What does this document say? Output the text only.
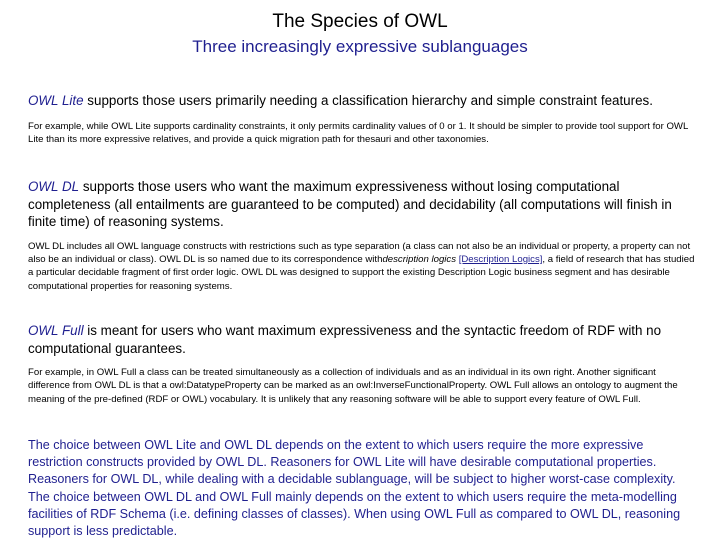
The Species of OWL
Three increasingly expressive sublanguages

OWL Lite supports those users primarily needing a classification hierarchy and simple constraint features.

For example, while OWL Lite supports cardinality constraints, it only permits cardinality values of 0 or 1. It should be simpler to provide tool support for OWL Lite than its more expressive relatives, and provide a quick migration path for thesauri and other taxonomies.

OWL DL supports those users who want the maximum expressiveness without losing computational completeness (all entailments are guaranteed to be computed) and decidability (all computations will finish in finite time) of reasoning systems.

OWL DL includes all OWL language constructs with restrictions such as type separation (a class can not also be an individual or property, a property can not also be an individual or class). OWL DL is so named due to its correspondence withdescription logics [Description Logics], a field of research that has studied a particular decidable fragment of first order logic. OWL DL was designed to support the existing Description Logic business segment and has desirable computational properties for reasoning systems.

OWL Full is meant for users who want maximum expressiveness and the syntactic freedom of RDF with no computational guarantees.

For example, in OWL Full a class can be treated simultaneously as a collection of individuals and as an individual in its own right. Another significant difference from OWL DL is that a owl:DatatypeProperty can be marked as an owl:InverseFunctionalProperty. OWL Full allows an ontology to augment the meaning of the pre-defined (RDF or OWL) vocabulary. It is unlikely that any reasoning software will be able to support every feature of OWL Full.

The choice between OWL Lite and OWL DL depends on the extent to which users require the more expressive restriction constructs provided by OWL DL. Reasoners for OWL Lite will have desirable computational properties. Reasoners for OWL DL, while dealing with a decidable sublanguage, will be subject to higher worst-case complexity. The choice between OWL DL and OWL Full mainly depends on the extent to which users require the meta-modelling facilities of RDF Schema (i.e. defining classes of classes). When using OWL Full as compared to OWL DL, reasoning support is less predictable.
